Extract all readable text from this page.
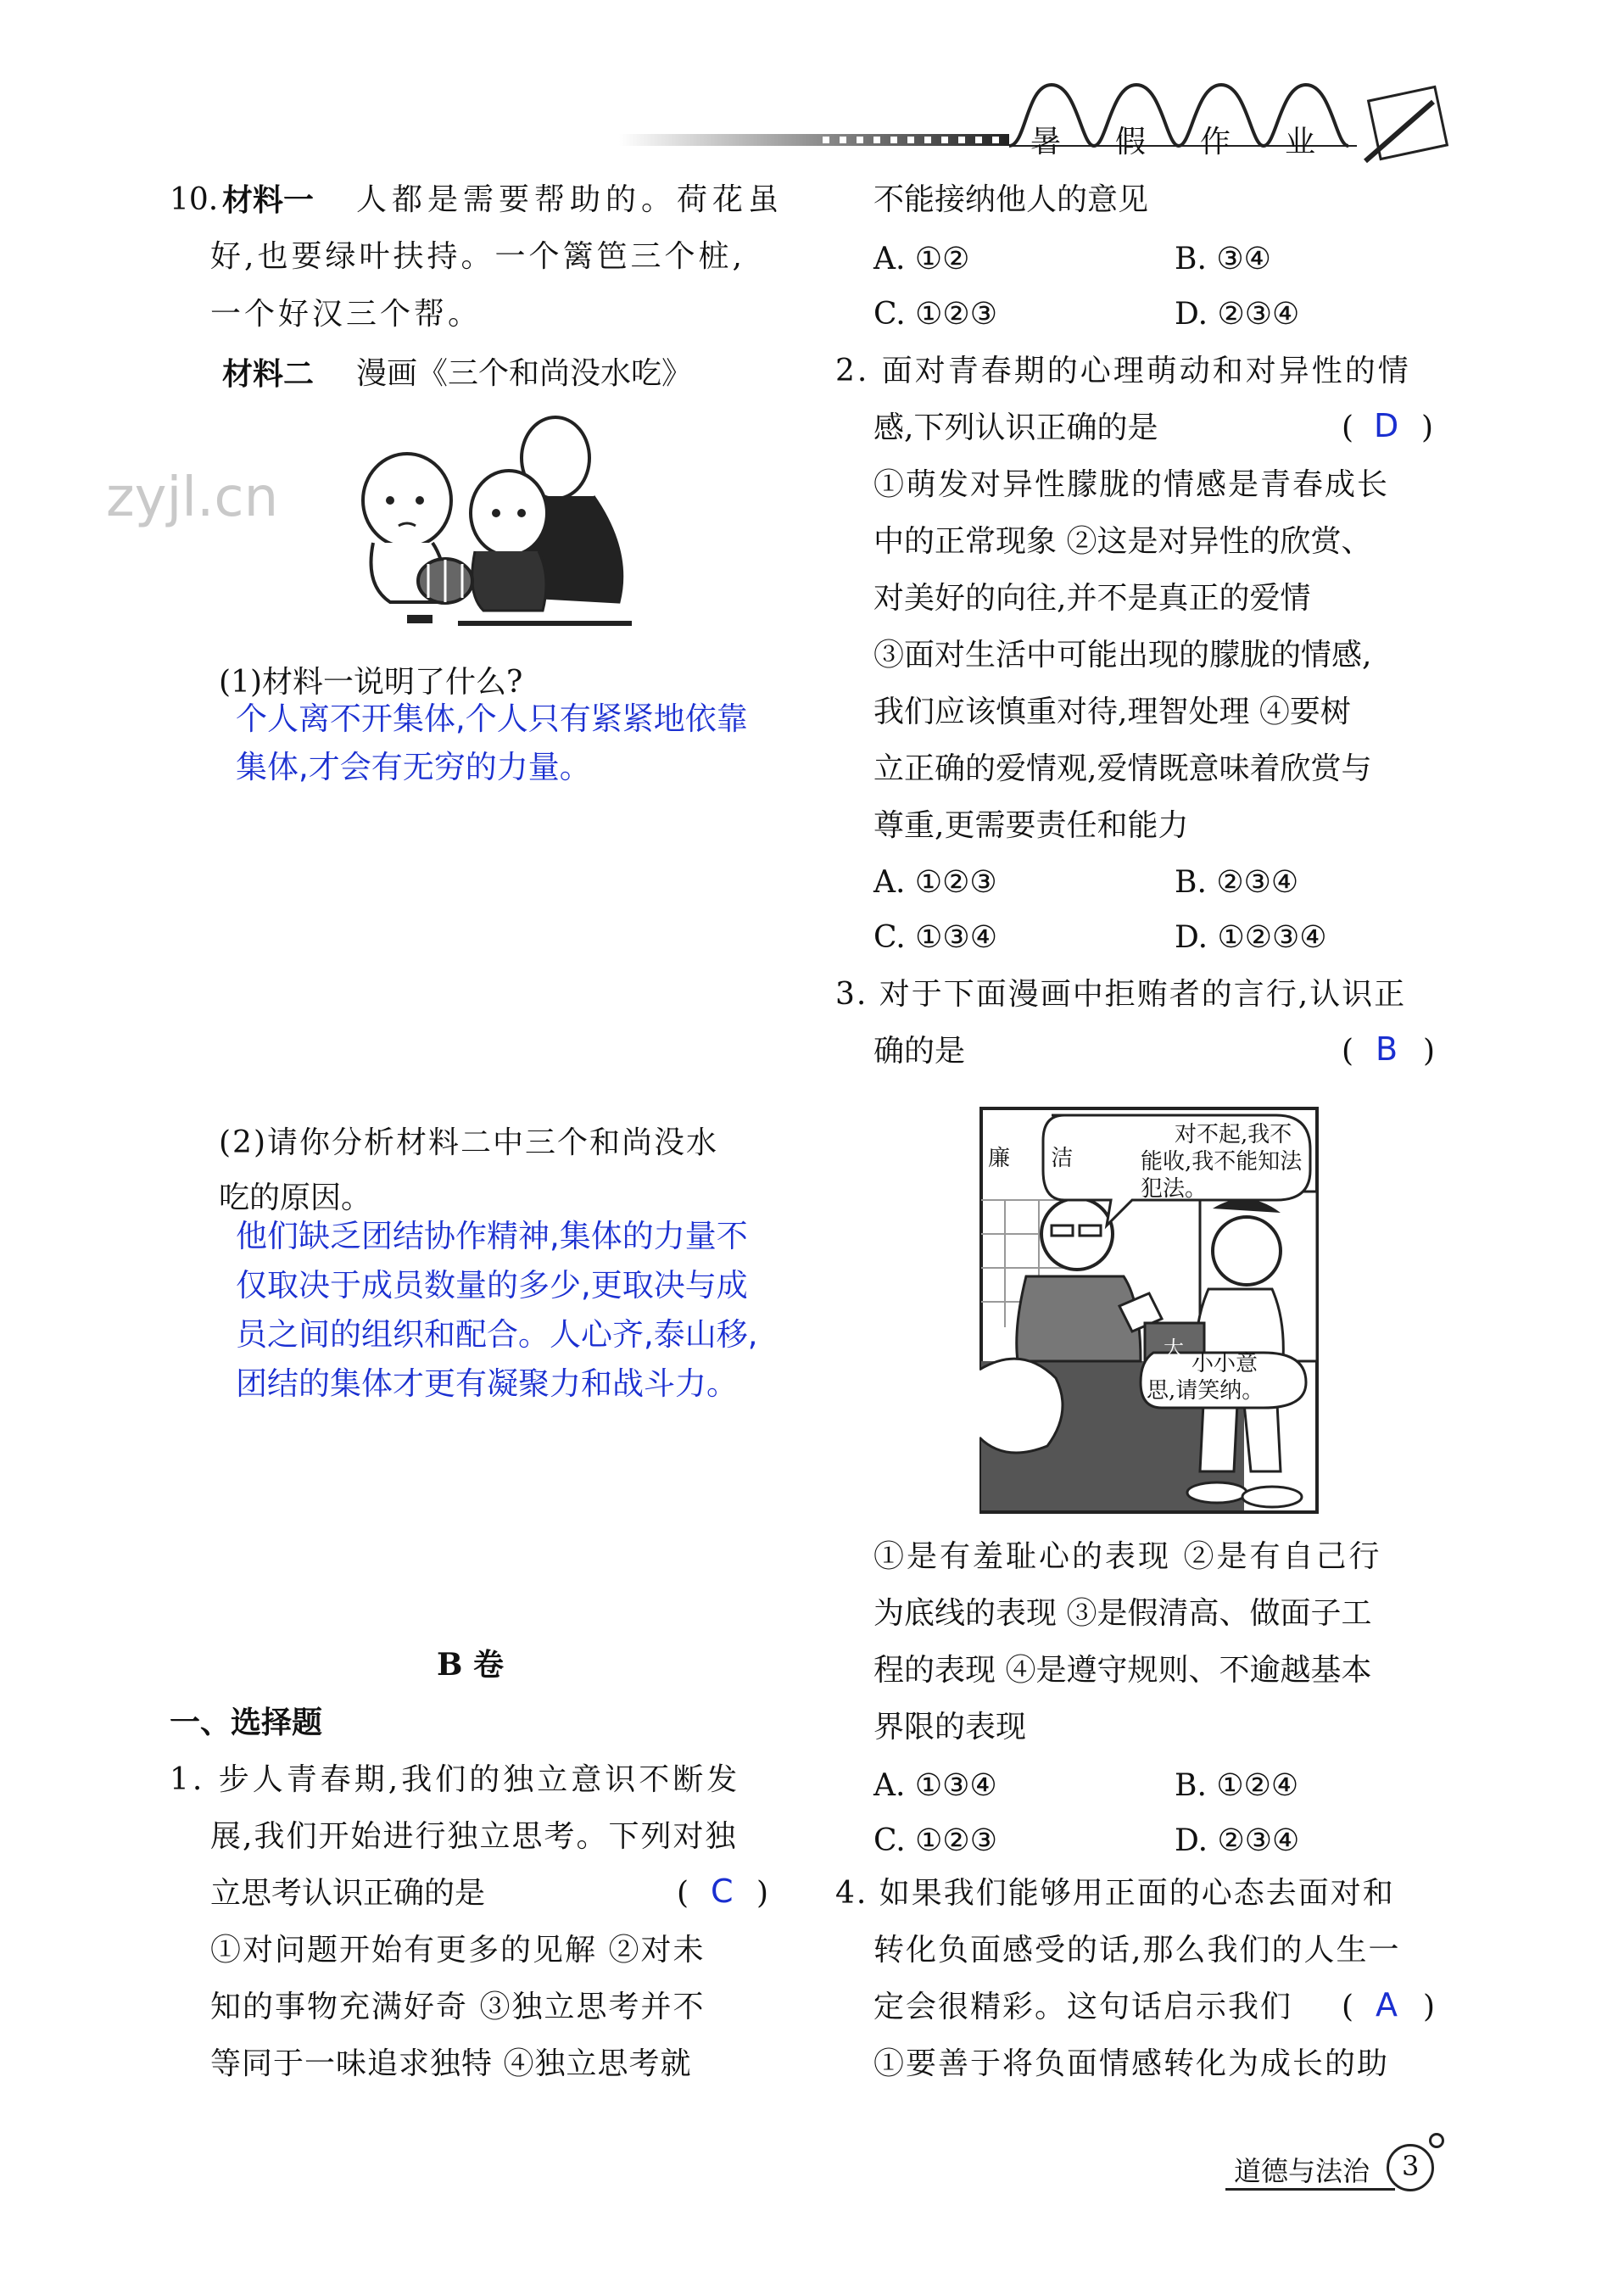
暑 假 作 业
zyjl.cn
10. 材料一 人都是需要帮助的。荷花虽
好,也要绿叶扶持。一个篱笆三个桩,
一个好汉三个帮。
材料二 漫画《三个和尚没水吃》
(1)材料一说明了什么?
个人离不开集体,个人只有紧紧地依靠
集体,才会有无穷的力量。
(2)请你分析材料二中三个和尚没水
吃的原因。
他们缺乏团结协作精神,集体的力量不
仅取决于成员数量的多少,更取决与成
员之间的组织和配合。人心齐,泰山移,
团结的集体才更有凝聚力和战斗力。
B 卷
一、选择题
1. 步人青春期,我们的独立意识不断发
展,我们开始进行独立思考。下列对独
立思考认识正确的是	( C )
①对问题开始有更多的见解 ②对未
知的事物充满好奇 ③独立思考并不
等同于一味追求独特 ④独立思考就
不能接纳他人的意见
A. ①②	B. ③④
C. ①②③	D. ②③④
2. 面对青春期的心理萌动和对异性的情
感,下列认识正确的是	( D )
①萌发对异性朦胧的情感是青春成长
中的正常现象 ②这是对异性的欣赏、
对美好的向往,并不是真正的爱情
③面对生活中可能出现的朦胧的情感,
我们应该慎重对待,理智处理 ④要树
立正确的爱情观,爱情既意味着欣赏与
尊重,更需要责任和能力
A. ①②③	B. ②③④
C. ①③④	D. ①②③④
3. 对于下面漫画中拒贿者的言行,认识正
确的是	( B )
廉 洁
大
对不起,我不
能收,我不能知法
犯法。
小小意
思,请笑纳。
①是有羞耻心的表现 ②是有自己行
为底线的表现 ③是假清高、做面子工
程的表现 ④是遵守规则、不逾越基本
界限的表现
A. ①③④	B. ①②④
C. ①②③	D. ②③④
4. 如果我们能够用正面的心态去面对和
转化负面感受的话,那么我们的人生一
定会很精彩。这句话启示我们 ( A )
①要善于将负面情感转化为成长的助
道德与法治 3
